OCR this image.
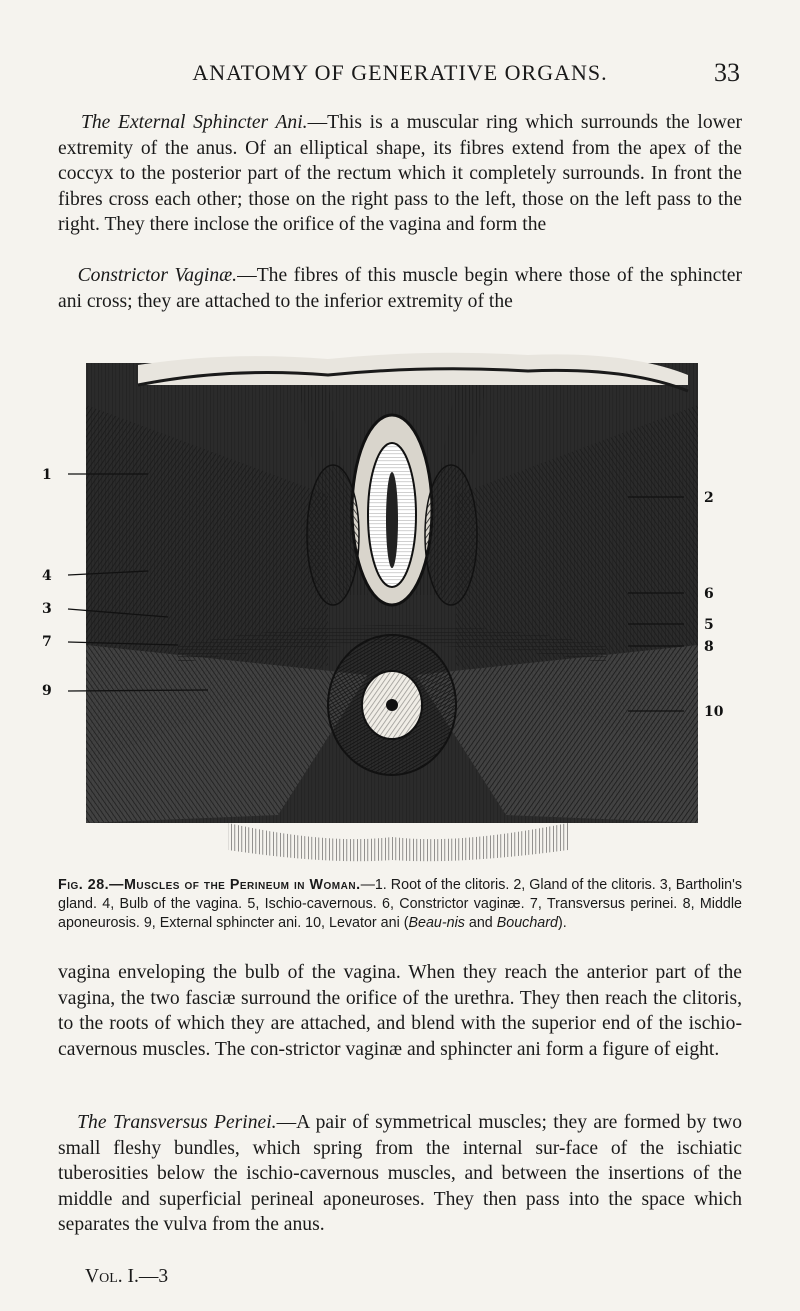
ANATOMY OF GENERATIVE ORGANS.	33

The External Sphincter Ani.—This is a muscular ring which surrounds the lower extremity of the anus. Of an elliptical shape, its fibres extend from the apex of the coccyx to the posterior part of the rectum which it completely surrounds. In front the fibres cross each other; those on the right pass to the left, those on the left pass to the right. They there inclose the orifice of the vagina and form the

Constrictor Vaginæ.—The fibres of this muscle begin where those of the sphincter ani cross; they are attached to the inferior extremity of the

1
4
3
7
9
2
6
5
8
10

Fig. 28.—Muscles of the Perineum in Woman.—1. Root of the clitoris. 2, Gland of the clitoris. 3, Bartholin's gland. 4, Bulb of the vagina. 5, Ischio-cavernous. 6, Constrictor vaginæ. 7, Transversus perinei. 8, Middle aponeurosis. 9, External sphincter ani. 10, Levator ani (Beau-nis and Bouchard).

vagina enveloping the bulb of the vagina. When they reach the anterior part of the vagina, the two fasciæ surround the orifice of the urethra. They then reach the clitoris, to the roots of which they are attached, and blend with the superior end of the ischio-cavernous muscles. The con-strictor vaginæ and sphincter ani form a figure of eight.

The Transversus Perinei.—A pair of symmetrical muscles; they are formed by two small fleshy bundles, which spring from the internal sur-face of the ischiatic tuberosities below the ischio-cavernous muscles, and between the insertions of the middle and superficial perineal aponeuroses. They then pass into the space which separates the vulva from the anus.

Vol. I.—3
